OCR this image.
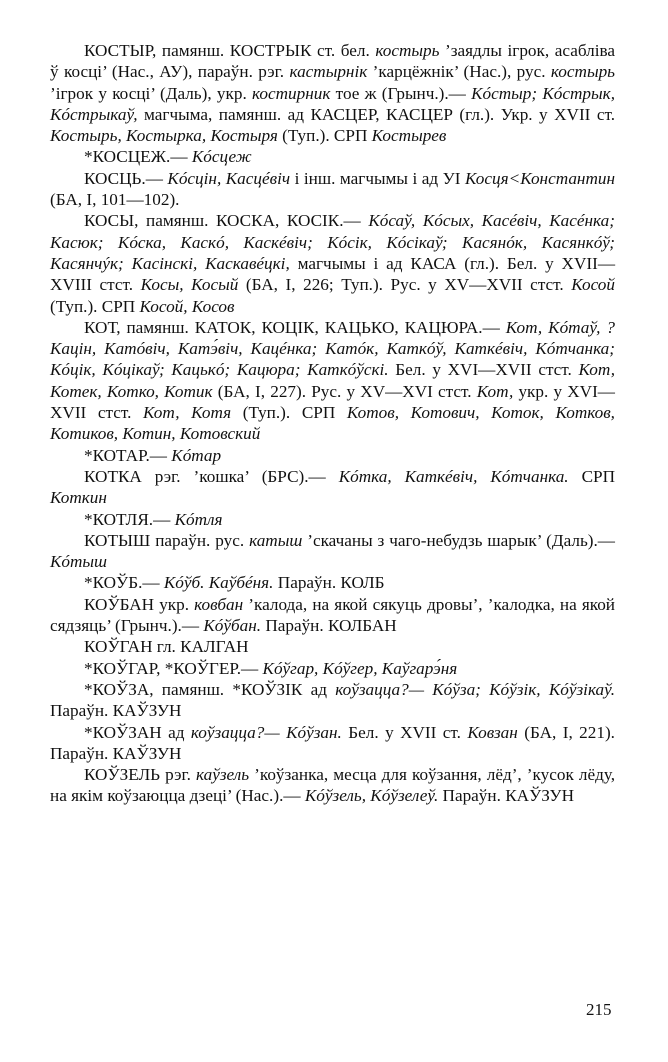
КОСТЫР, памянш. КОСТРЫК ст. бел. костырь ’заядлы ігрок, асабліва ў косці’ (Нас., АУ), параўн. рэг. кастырнік ’карцёжнік’ (Нас.), рус. костырь ’ігрок у косці’ (Даль), укр. костирник тое ж (Грынч.).— Кóстыр; Кóстрык, Кóстрыкаў, магчыма, памянш. ад КАСЦЕР, КАСЦЕР (гл.). Укр. у XVII ст. Костырь, Костырка, Костыря (Туп.). СРП Костырев

*КОСЦЕЖ.— Кóсцеж

КОСЦЬ.— Кóсцін, Касцéвіч і інш. магчымы і ад УІ Косця<Константин (БА, І, 101—102).

КОСЫ, памянш. КОСКА, КОСІК.— Кóсаў, Кóсых, Касéвіч, Касéнка; Касюк; Кóска, Каскó, Каскéвіч; Кóсік, Кóсікаў; Касянóк, Касянкóў; Касянчýк; Касінскі, Каскавéцкі, магчымы і ад КАСА (гл.). Бел. у XVII—XVIII стст. Косы, Косый (БА, І, 226; Туп.). Рус. у XV—XVII стст. Косой (Туп.). СРП Косой, Косов

КОТ, памянш. КАТОК, КОЦІК, КАЦЬКО, КАЦЮРА.— Кот, Кóтаў, ?Кацін, Катóвіч, Катэ́віч, Кацéнка; Катóк, Каткóў, Каткéвіч, Кóтчанка; Кóцік, Кóцікаў; Кацькó; Кацюра; Каткóўскі. Бел. у XVI—XVII стст. Кот, Котек, Котко, Котик (БА, І, 227). Рус. у XV—XVI стст. Кот, укр. у XVI—XVII стст. Кот, Котя (Туп.). СРП Котов, Котович, Коток, Котков, Котиков, Котин, Котовский

*КОТАР.— Кóтар

КОТКА рэг. ’кошка’ (БРС).— Кóтка, Каткéвіч, Кóтчанка. СРП Коткин

*КОТЛЯ.— Кóтля

КОТЫШ параўн. рус. катыш ’скачаны з чаго-небудзь шарык’ (Даль).— Кóтыш

*КОЎБ.— Кóўб. Каўбéня. Параўн. КОЛБ

КОЎБАН укр. ковбан ’калода, на якой сякуць дровы’, ’калодка, на якой сядзяць’ (Грынч.).— Кóўбан. Параўн. КОЛБАН

КОЎГАН гл. КАЛГАН

*КОЎГАР, *КОЎГЕР.— Кóўгар, Кóўгер, Каўгарэ́ня

*КОЎЗА, памянш. *КОЎЗІК ад коўзацца?— Кóўза; Кóўзік, Кóўзікаў. Параўн. КАЎЗУН

*КОЎЗАН ад коўзацца?— Кóўзан. Бел. у XVII ст. Ковзан (БА, І, 221). Параўн. КАЎЗУН

КОЎЗЕЛЬ рэг. каўзель ’коўзанка, месца для коўзання, лёд’, ’кусок лёду, на якім коўзаюцца дзеці’ (Нас.).— Кóўзель, Кóўзелеў. Параўн. КАЎЗУН

215
